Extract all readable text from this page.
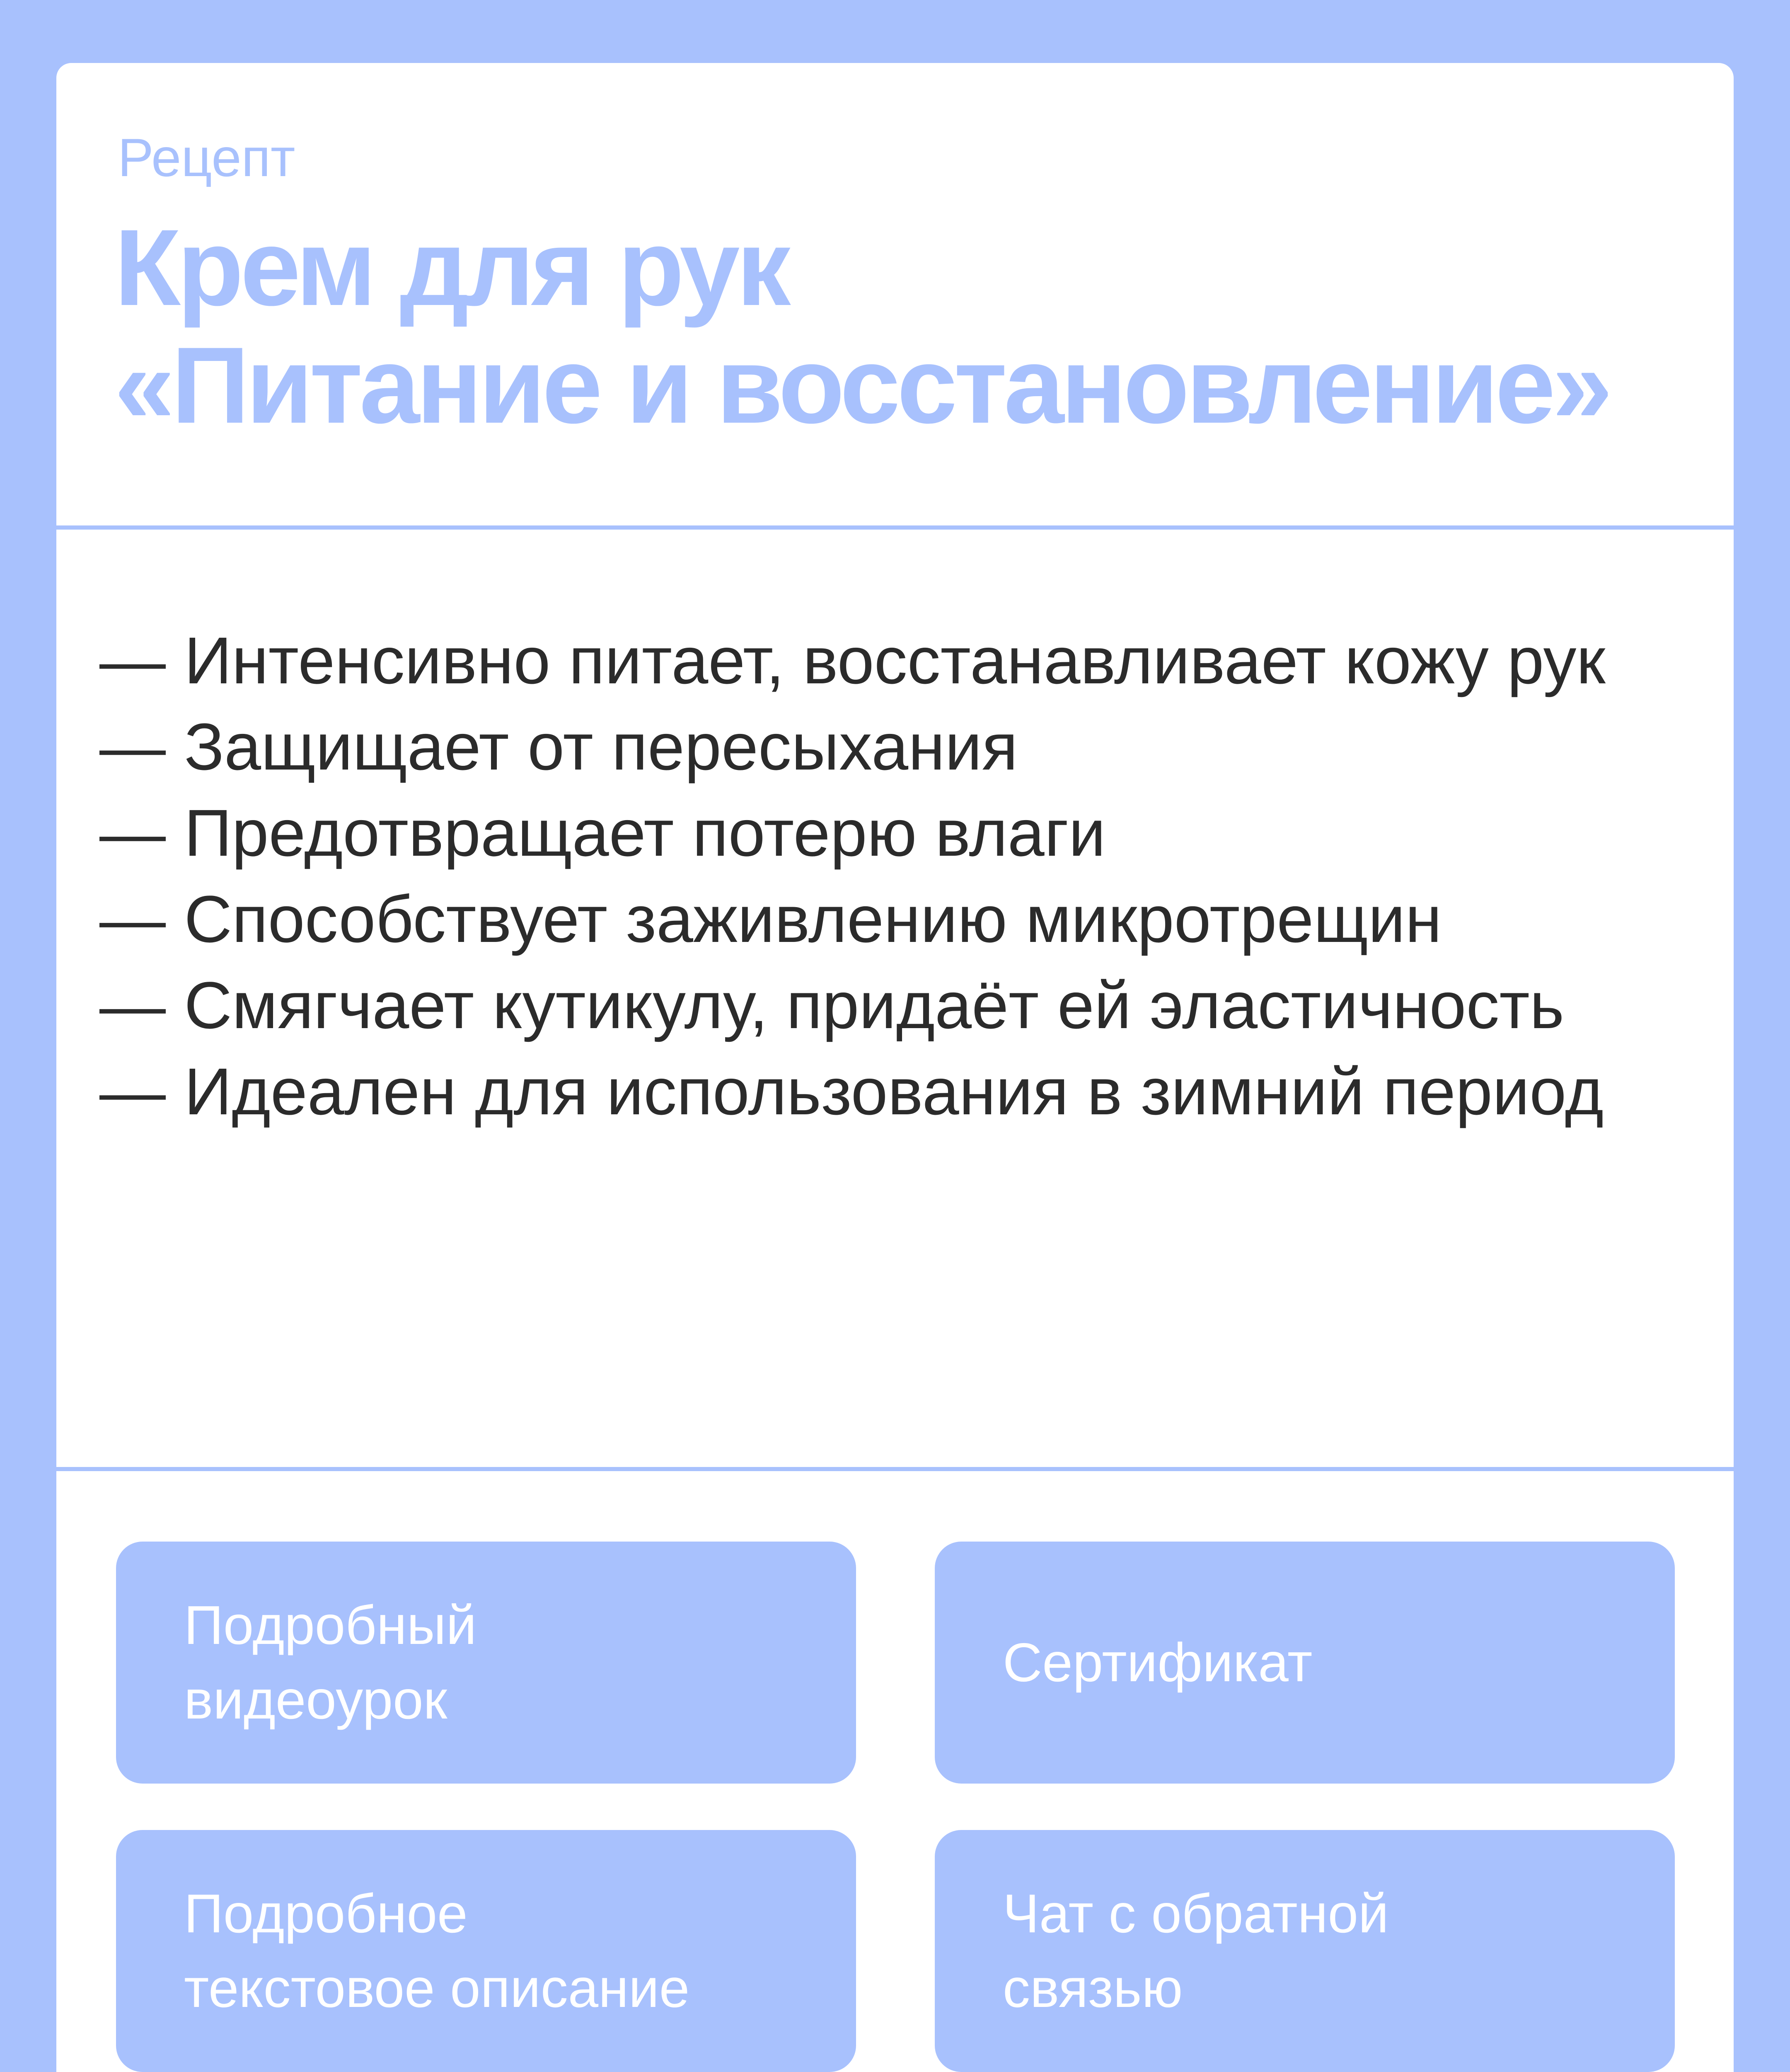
Рецепт
Крем для рук
«Питание и восстановление»
— Интенсивно питает, восстанавливает кожу рук
— Защищает от пересыхания
— Предотвращает потерю влаги
— Способствует заживлению микротрещин
— Смягчает кутикулу, придаёт ей эластичность
— Идеален для использования в зимний период
Подробный
видеоурок
Сертификат
Подробное
текстовое описание
Чат с обратной
связью
